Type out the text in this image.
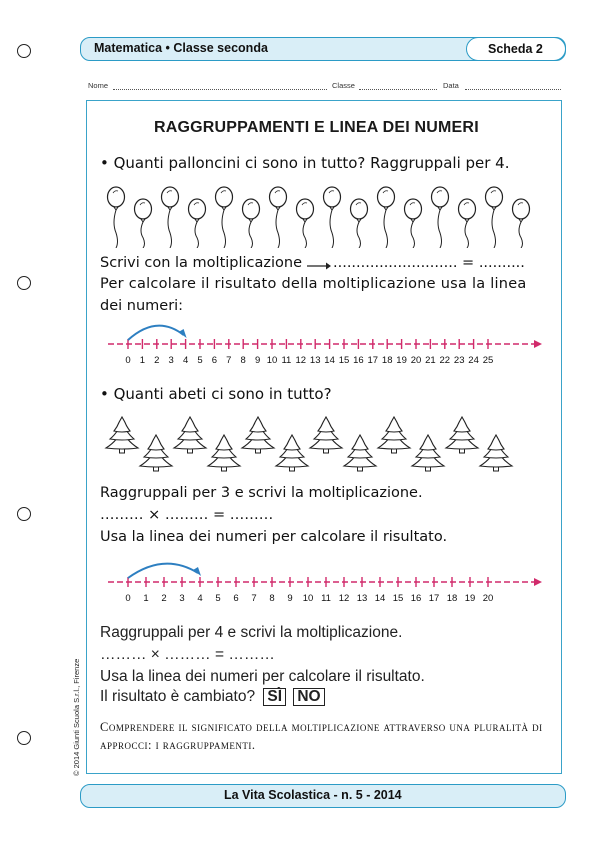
Matematica • Classe seconda	Scheda 2
Nome	Classe	Data
RAGGRUPPAMENTI E LINEA DEI NUMERI
• Quanti palloncini ci sono in tutto? Raggruppali per 4.
Scrivi con la moltiplicazione ........................... = ..........
Per calcolare il risultato della moltiplicazione usa la linea
dei numeri:
0 1 2 3 4 5 6 7 8 9 10 11 12 13 14 15 16 17 18 19 20 21 22 23 24 25
• Quanti abeti ci sono in tutto?
Raggruppali per 3 e scrivi la moltiplicazione.
……… × ……… = ………
Usa la linea dei numeri per calcolare il risultato.
0 1 2 3 4 5 6 7 8 9 10 11 12 13 14 15 16 17 18 19 20
Raggruppali per 4 e scrivi la moltiplicazione.
……… × ……… = ………
Usa la linea dei numeri per calcolare il risultato.
Il risultato è cambiato? SÌ NO
Comprendere il significato della moltiplicazione attraverso una pluralità di
approcci: i raggruppamenti.
© 2014 Giunti Scuola S.r.l., Firenze
La Vita Scolastica - n. 5 - 2014
